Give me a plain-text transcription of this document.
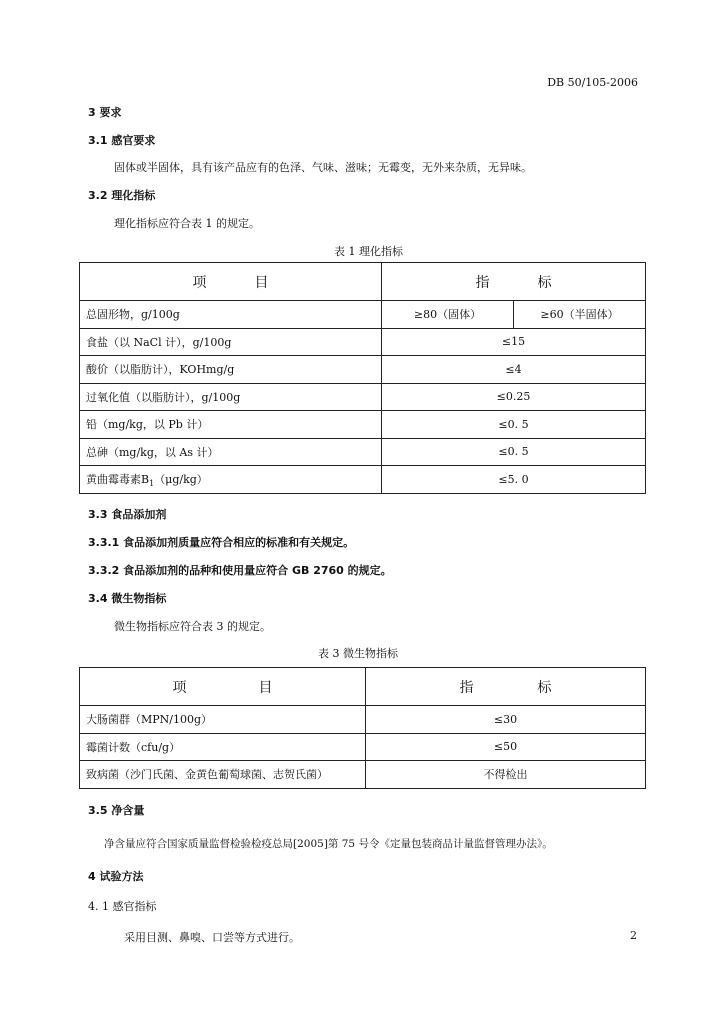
DB 50/105-2006
3 要求
3.1 感官要求
固体或半固体，具有该产品应有的色泽、气味、滋味；无霉变，无外来杂质，无异味。
3.2 理化指标
理化指标应符合表 1 的规定。
表 1 理化指标
项 目	指 标	
总固形物，g/100g	≥80（固体）	≥60（半固体）
食盐（以 NaCl 计），g/100g	≤15	
酸价（以脂肪计），KOHmg/g	≤4	
过氧化值（以脂肪计），g/100g	≤0.25	
铅（mg/kg，以 Pb 计）	≤0. 5	
总砷（mg/kg，以 As 计）	≤0. 5	
黄曲霉毒素$B_1(\mu g/kg)$	≤5. 0	
3.3 食品添加剂
3.3.1 食品添加剂质量应符合相应的标准和有关规定。
3.3.2 食品添加剂的品种和使用量应符合 GB 2760 的规定。
3.4 微生物指标
微生物指标应符合表 3 的规定。
表 3 微生物指标
项 目	指 标
大肠菌群（MPN/100g）	≤30
霉菌计数（cfu/g）	≤50
致病菌（沙门氏菌、金黄色葡萄球菌、志贺氏菌）	不得检出
3.5 净含量
净含量应符合国家质量监督检验检疫总局[2005]第 75 号令《定量包装商品计量监督管理办法》。
4 试验方法
4. 1 感官指标
采用目测、鼻嗅、口尝等方式进行。	2
